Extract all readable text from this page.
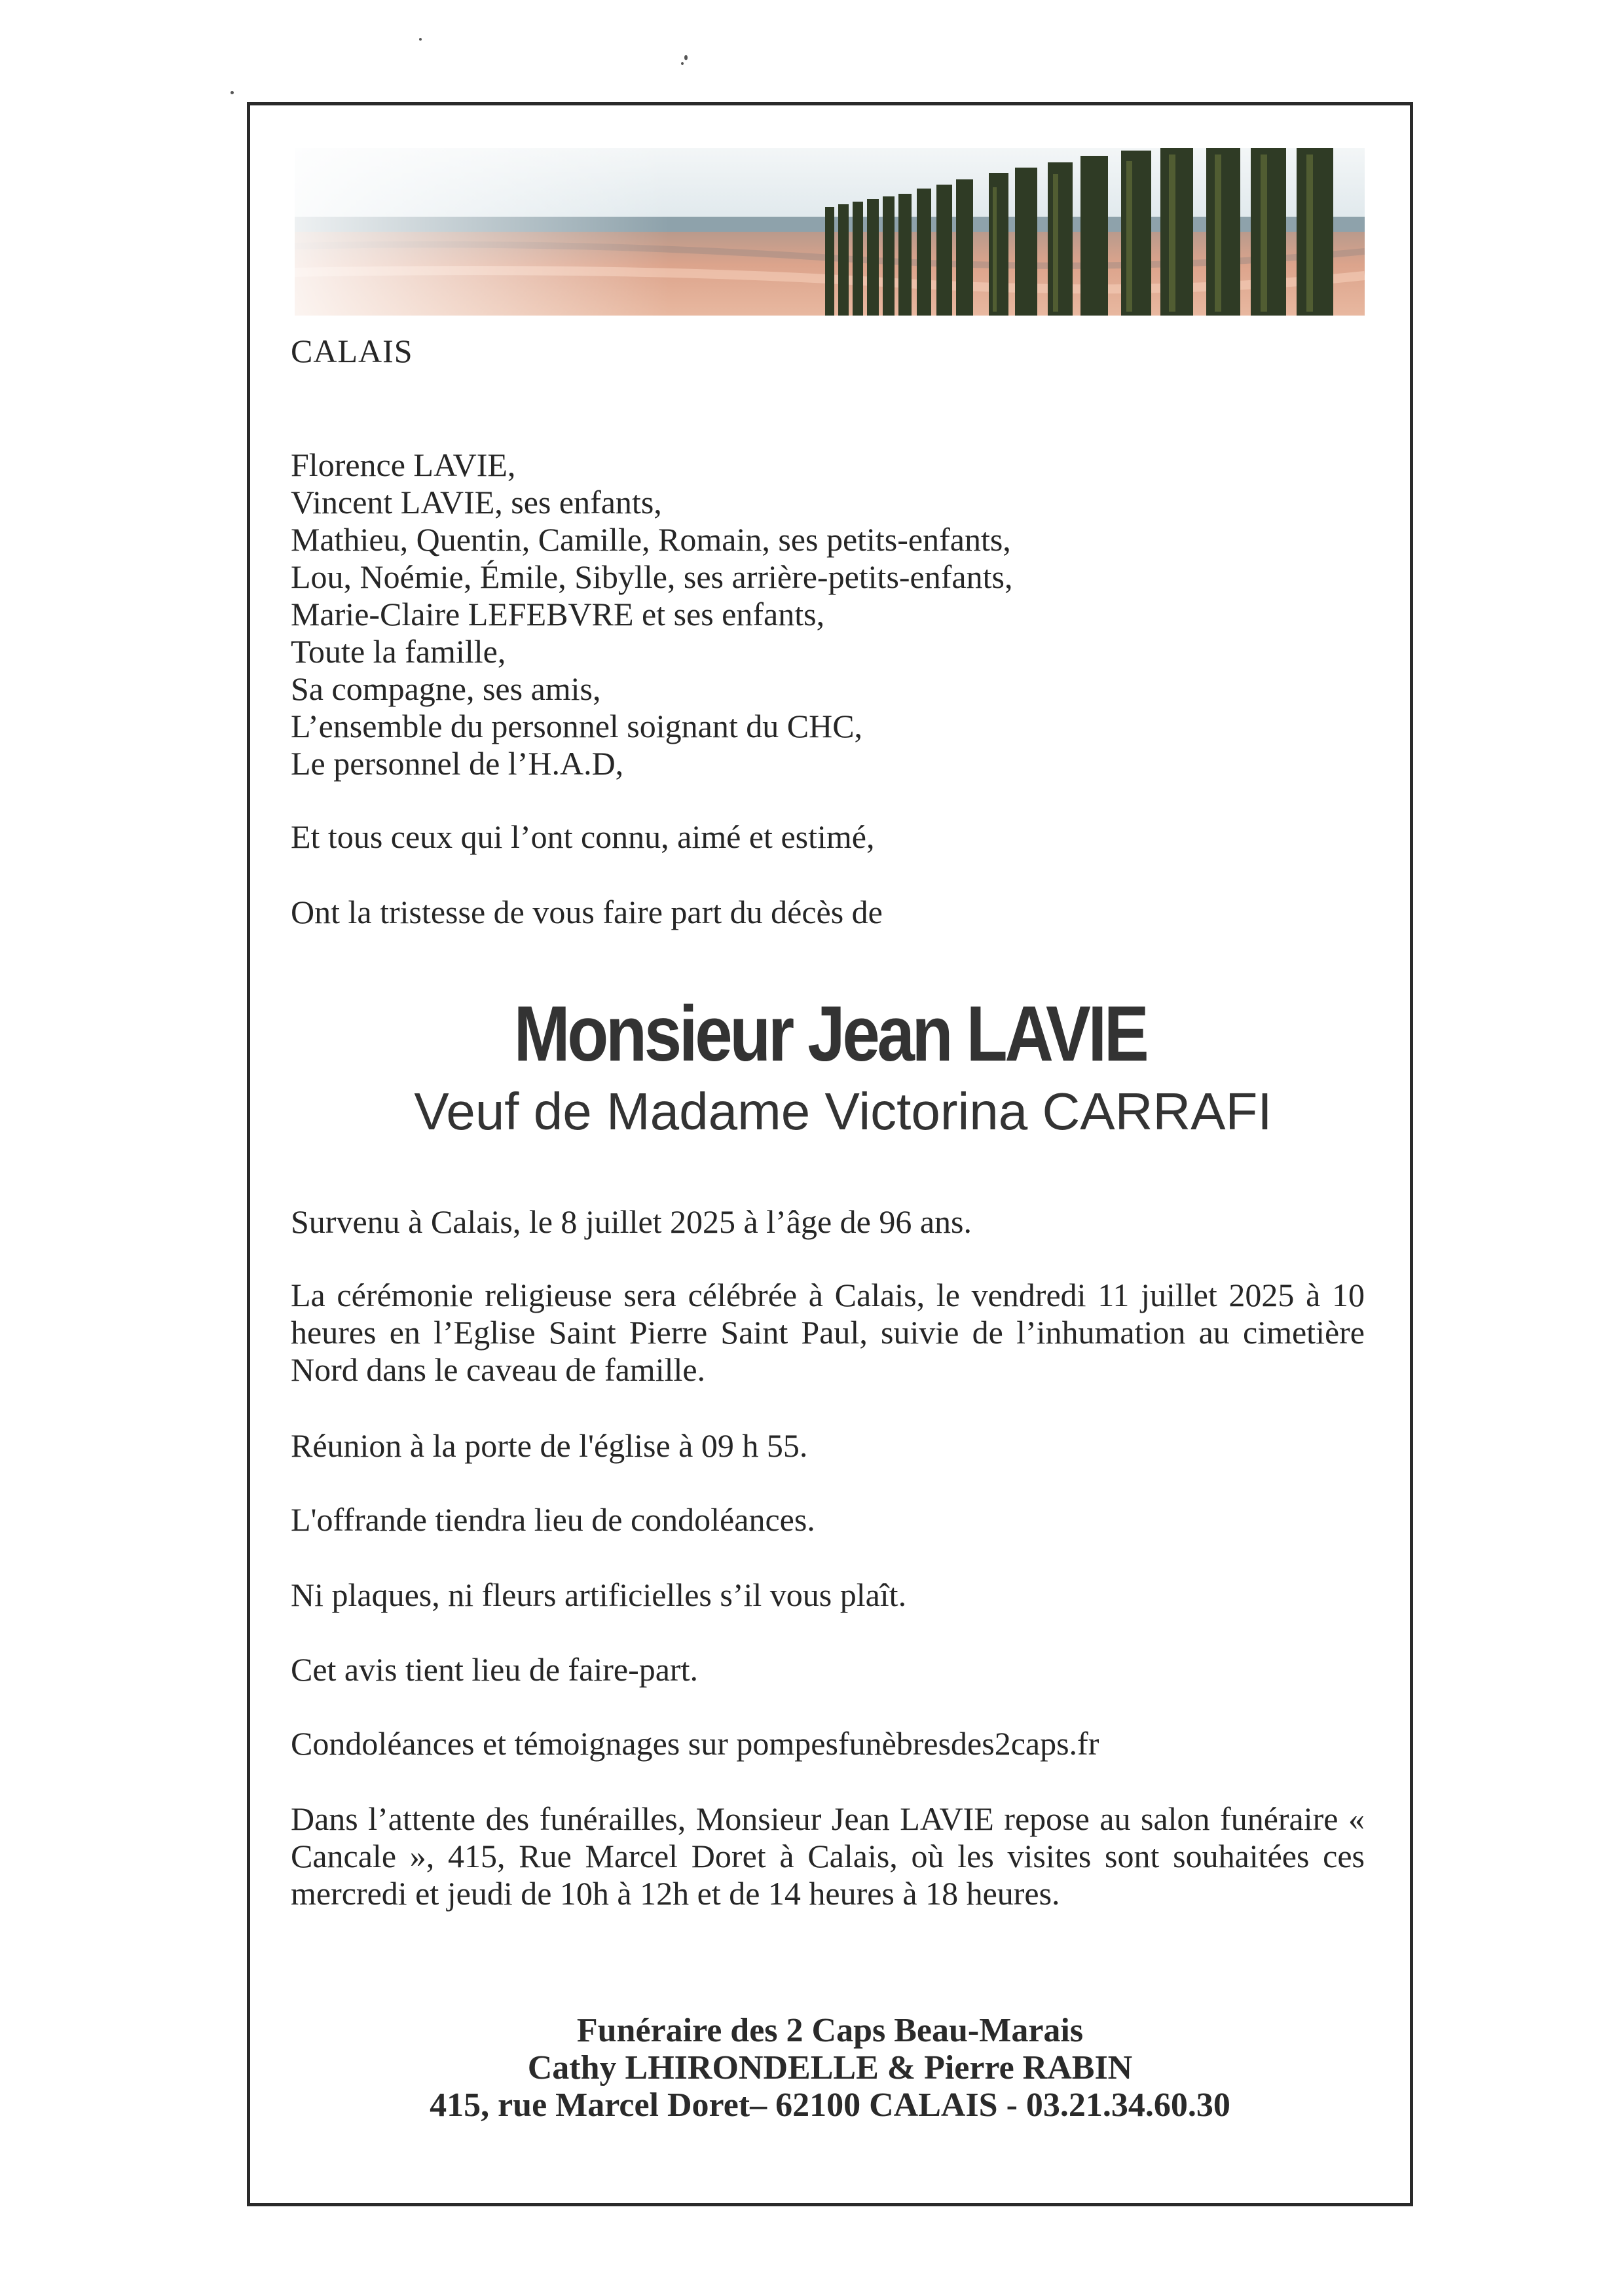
CALAIS

Florence LAVIE,
Vincent LAVIE, ses enfants,
Mathieu, Quentin, Camille, Romain, ses petits-enfants,
Lou, Noémie, Émile, Sibylle, ses arrière-petits-enfants,
Marie-Claire LEFEBVRE et ses enfants,
Toute la famille,
Sa compagne, ses amis,
L’ensemble du personnel soignant du CHC,
Le personnel de l’H.A.D,

Et tous ceux qui l’ont connu, aimé et estimé,

Ont la tristesse de vous faire part du décès de

Monsieur Jean LAVIE
Veuf de Madame Victorina CARRAFI

Survenu à Calais, le 8 juillet 2025 à l’âge de 96 ans.

La cérémonie religieuse sera célébrée à Calais, le vendredi 11 juillet 2025 à 10 heures en l’Eglise Saint Pierre Saint Paul, suivie de l’inhumation au cimetière Nord dans le caveau de famille.

Réunion à la porte de l'église à 09 h 55.

L'offrande tiendra lieu de condoléances.

Ni plaques, ni fleurs artificielles s’il vous plaît.

Cet avis tient lieu de faire-part.

Condoléances et témoignages sur pompesfunèbresdes2caps.fr

Dans l’attente des funérailles, Monsieur Jean LAVIE repose au salon funéraire « Cancale », 415, Rue Marcel Doret à Calais, où les visites sont souhaitées ces mercredi et jeudi de 10h à 12h et de 14 heures à 18 heures.

Funéraire des 2 Caps Beau-Marais
Cathy LHIRONDELLE & Pierre RABIN
415, rue Marcel Doret– 62100 CALAIS - 03.21.34.60.30
